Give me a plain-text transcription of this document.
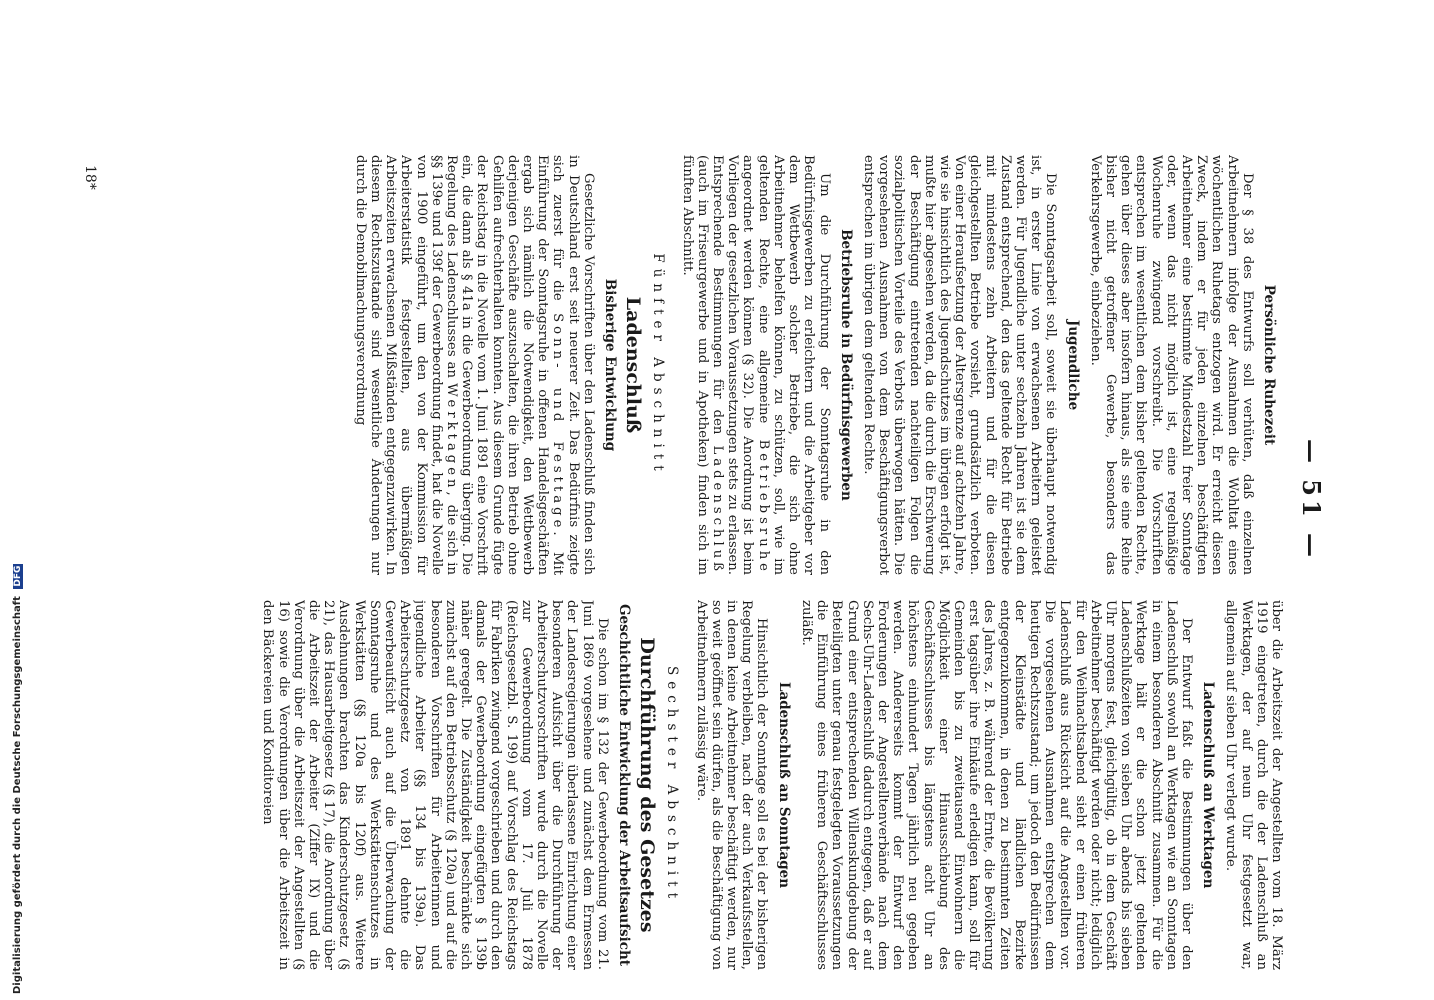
— 51 —
Persönliche Ruhezeit

Der § 38 des Entwurfs soll verhüten, daß einzelnen Arbeitnehmern infolge der Ausnahmen die Wohltat eines wöchentlichen Ruhetags entzogen wird. Er erreicht diesen Zweck, indem er für jeden einzelnen beschäftigten Arbeitnehmer eine bestimmte Mindestzahl freier Sonntage oder, wenn das nicht möglich ist, eine regelmäßige Wochenruhe zwingend vorschreibt. Die Vorschriften entsprechen im wesentlichen dem bisher geltenden Rechte, gehen über dieses aber insofern hinaus, als sie eine Reihe bisher nicht getroffener Gewerbe, besonders das Verkehrsgewerbe, einbeziehen.

Jugendliche

Die Sonntagsarbeit soll, soweit sie überhaupt notwendig ist, in erster Linie von erwachsenen Arbeitern geleistet werden. Für Jugendliche unter sechzehn Jahren ist sie dem Zustand entsprechend, den das geltende Recht für Betriebe mit mindestens zehn Arbeitern und für die diesen gleichgestellten Betriebe vorsieht, grundsätzlich verboten. Von einer Heraufsetzung der Altersgrenze auf achtzehn Jahre, wie sie hinsichtlich des Jugendschutzes im übrigen erfolgt ist, mußte hier abgesehen werden, da die durch die Erschwerung der Beschäftigung eintretenden nachteiligen Folgen die sozialpolitischen Vorteile des Verbots überwogen hätten. Die vorgesehenen Ausnahmen von dem Beschäftigungsverbot entsprechen im übrigen dem geltenden Rechte.

Betriebsruhe in Bedürfnisgewerben

Um die Durchführung der Sonntagsruhe in den Bedürfnisgewerben zu erleichtern und die Arbeitgeber vor dem Wettbewerb solcher Betriebe, die sich ohne Arbeitnehmer behelfen können, zu schützen, soll, wie im geltenden Rechte, eine allgemeine Betriebsruhe angeordnet werden können (§ 32). Die Anordnung ist beim Vorliegen der gesetzlichen Voraussetzungen stets zu erlassen. Entsprechende Bestimmungen für den Ladenschluß (auch im Friseurgewerbe und in Apotheken) finden sich im fünften Abschnitt.

Fünfter Abschnitt
Ladenschluß
Bisherige Entwicklung

Gesetzliche Vorschriften über den Ladenschluß finden sich in Deutschland erst seit neuerer Zeit. Das Bedürfnis zeigte sich zuerst für die Sonn- und Festtage. Mit Einführung der Sonntagsruhe in offenen Handelsgeschäften ergab sich nämlich die Notwendigkeit, den Wettbewerb derjenigen Geschäfte auszuschalten, die ihren Betrieb ohne Gehilfen aufrechterhalten konnten. Aus diesem Grunde fügte der Reichstag in die Novelle vom 1. Juni 1891 eine Vorschrift ein, die dann als § 41a in die Gewerbeordnung überging. Die Regelung des Ladenschlusses an Werktagen, die sich in §§ 139e und 139f der Gewerbeordnung findet, hat die Novelle von 1900 eingeführt, um den von der Kommission für Arbeiterstatistik festgestellten, aus übermäßigen Arbeitszeiten erwachsenen Mißständen entgegenzuwirken. In diesem Rechtszustande sind wesentliche Änderungen nur durch die Demobilmachungsverordnung

über die Arbeitszeit der Angestellten vom 18. März 1919 eingetreten, durch die der Ladenschluß an Werktagen, der auf neun Uhr festgesetzt war, allgemein auf sieben Uhr verlegt wurde.

Ladenschluß an Werktagen

Der Entwurf faßt die Bestimmungen über den Ladenschluß sowohl an Werktagen wie an Sonntagen in einem besonderen Abschnitt zusammen. Für die Werktage hält er die schon jetzt geltenden Ladenschlußzeiten von sieben Uhr abends bis sieben Uhr morgens fest, gleichgültig, ob in dem Geschäft Arbeitnehmer beschäftigt werden oder nicht; lediglich für den Weihnachtsabend sieht er einen früheren Ladenschluß aus Rücksicht auf die Angestellten vor. Die vorgesehenen Ausnahmen entsprechen dem heutigen Rechtszustand; um jedoch den Bedürfnissen der Kleinstädte und ländlichen Bezirke entgegenzukommen, in denen zu bestimmten Zeiten des Jahres, z. B. während der Ernte, die Bevölkerung erst tagsüber ihre Einkäufe erledigen kann, soll für Gemeinden bis zu zweitausend Einwohnern die Möglichkeit einer Hinausschiebung des Geschäftsschlusses bis längstens acht Uhr an höchstens einhundert Tagen jährlich neu gegeben werden. Andererseits kommt der Entwurf den Forderungen der Angestelltenverbände nach dem Sechs-Uhr-Ladenschluß dadurch entgegen, daß er auf Grund einer entsprechenden Willenskundgebung der Beteiligten unter genau festgelegten Voraussetzungen die Einführung eines früheren Geschäftsschlusses zuläßt.

Ladenschluß an Sonntagen

Hinsichtlich der Sonntage soll es bei der bisherigen Regelung verbleiben, nach der auch Verkaufsstellen, in denen keine Arbeitnehmer beschäftigt werden, nur so weit geöffnet sein dürfen, als die Beschäftigung von Arbeitnehmern zulässig wäre.

Sechster Abschnitt
Durchführung des Gesetzes
Geschichtliche Entwicklung der Arbeitsaufsicht

Die schon im § 132 der Gewerbeordnung vom 21. Juni 1869 vorgesehene und zunächst dem Ermessen der Landesregierungen überlassene Einrichtung einer besonderen Aufsicht über die Durchführung der Arbeiterschutzvorschriften wurde durch die Novelle zur Gewerbeordnung vom 17. Juli 1878 (Reichsgesetzbl. S. 199) auf Vorschlag des Reichstags für Fabriken zwingend vorgeschrieben und durch den damals der Gewerbeordnung eingefügten § 139b näher geregelt. Die Zuständigkeit beschränkte sich zunächst auf den Betriebsschutz (§ 120a) und auf die besonderen Vorschriften für Arbeiterinnen und jugendliche Arbeiter (§§ 134 bis 139a). Das Arbeiterschutzgesetz von 1891 dehnte die Gewerbeaufsicht auch auf die Überwachung der Sonntagsruhe und des Werkstättenschutzes in Werkstätten (§§ 120a bis 120f) aus. Weitere Ausdehnungen brachten das Kinderschutzgesetz (§ 21), das Hausarbeitgesetz (§ 17), die Anordnung über die Arbeitszeit der Arbeiter (Ziffer IX) und die Verordnung über die Arbeitszeit der Angestellten (§ 16) sowie die Verordnungen über die Arbeitszeit in den Bäckereien und Konditoreien

18*
Digitalisierung gefördert durch die Deutsche Forschungsgemeinschaft DFG
